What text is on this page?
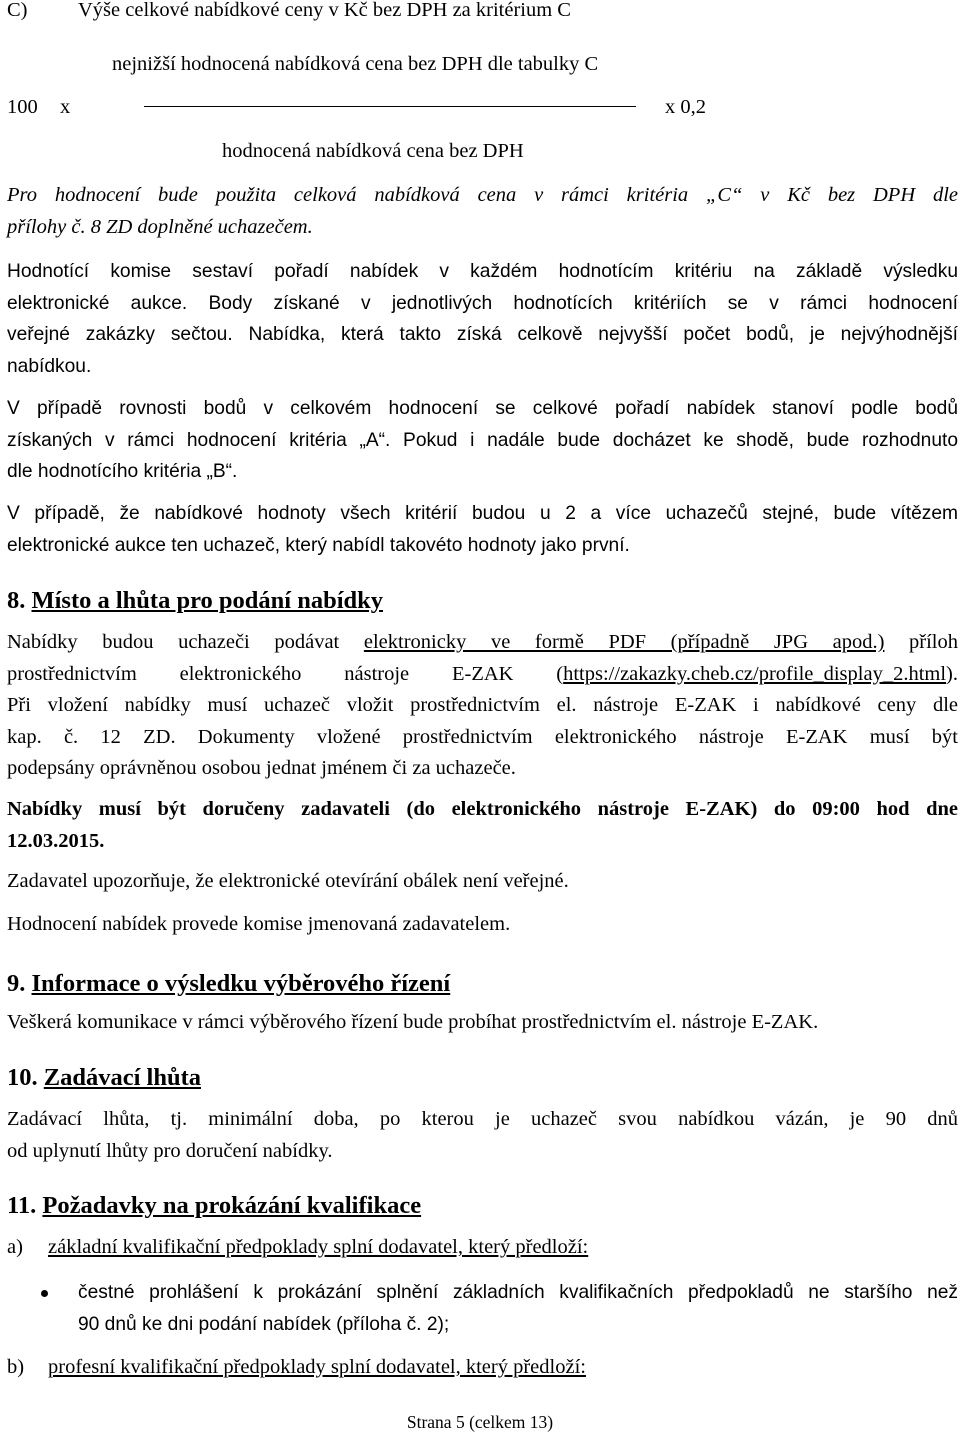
C) Výše celkové nabídkové ceny v Kč bez DPH za kritérium C
nejnižší hodnocená nabídková cena bez DPH dle tabulky C
100 x	x 0,2
hodnocená nabídková cena bez DPH
Pro hodnocení bude použita celková nabídková cena v rámci kritéria „C“ v Kč bez DPH dle
přílohy č. 8 ZD doplněné uchazečem.
Hodnotící komise sestaví pořadí nabídek v každém hodnotícím kritériu na základě výsledku
elektronické aukce. Body získané v jednotlivých hodnotících kritériích se v rámci hodnocení
veřejné zakázky sečtou. Nabídka, která takto získá celkově nejvyšší počet bodů, je nejvýhodnější
nabídkou.
V případě rovnosti bodů v celkovém hodnocení se celkové pořadí nabídek stanoví podle bodů
získaných v rámci hodnocení kritéria „A“. Pokud i nadále bude docházet ke shodě, bude rozhodnuto
dle hodnotícího kritéria „B“.
V případě, že nabídkové hodnoty všech kritérií budou u 2 a více uchazečů stejné, bude vítězem
elektronické aukce ten uchazeč, který nabídl takovéto hodnoty jako první.
8. Místo a lhůta pro podání nabídky
Nabídky budou uchazeči podávat elektronicky ve formě PDF (případně JPG apod.) příloh
prostřednictvím elektronického nástroje E-ZAK (https://zakazky.cheb.cz/profile_display_2.html).
Při vložení nabídky musí uchazeč vložit prostřednictvím el. nástroje E-ZAK i nabídkové ceny dle
kap. č. 12 ZD. Dokumenty vložené prostřednictvím elektronického nástroje E-ZAK musí být
podepsány oprávněnou osobou jednat jménem či za uchazeče.
Nabídky musí být doručeny zadavateli (do elektronického nástroje E-ZAK) do 09:00 hod dne
12.03.2015.
Zadavatel upozorňuje, že elektronické otevírání obálek není veřejné.
Hodnocení nabídek provede komise jmenovaná zadavatelem.
9. Informace o výsledku výběrového řízení
Veškerá komunikace v rámci výběrového řízení bude probíhat prostřednictvím el. nástroje E-ZAK.
10. Zadávací lhůta
Zadávací lhůta, tj. minimální doba, po kterou je uchazeč svou nabídkou vázán, je 90 dnů
od uplynutí lhůty pro doručení nabídky.
11. Požadavky na prokázání kvalifikace
a) základní kvalifikační předpoklady splní dodavatel, který předloží:
čestné prohlášení k prokázání splnění základních kvalifikačních předpokladů ne staršího než
90 dnů ke dni podání nabídek (příloha č. 2);
b) profesní kvalifikační předpoklady splní dodavatel, který předloží:
Strana 5 (celkem 13)
